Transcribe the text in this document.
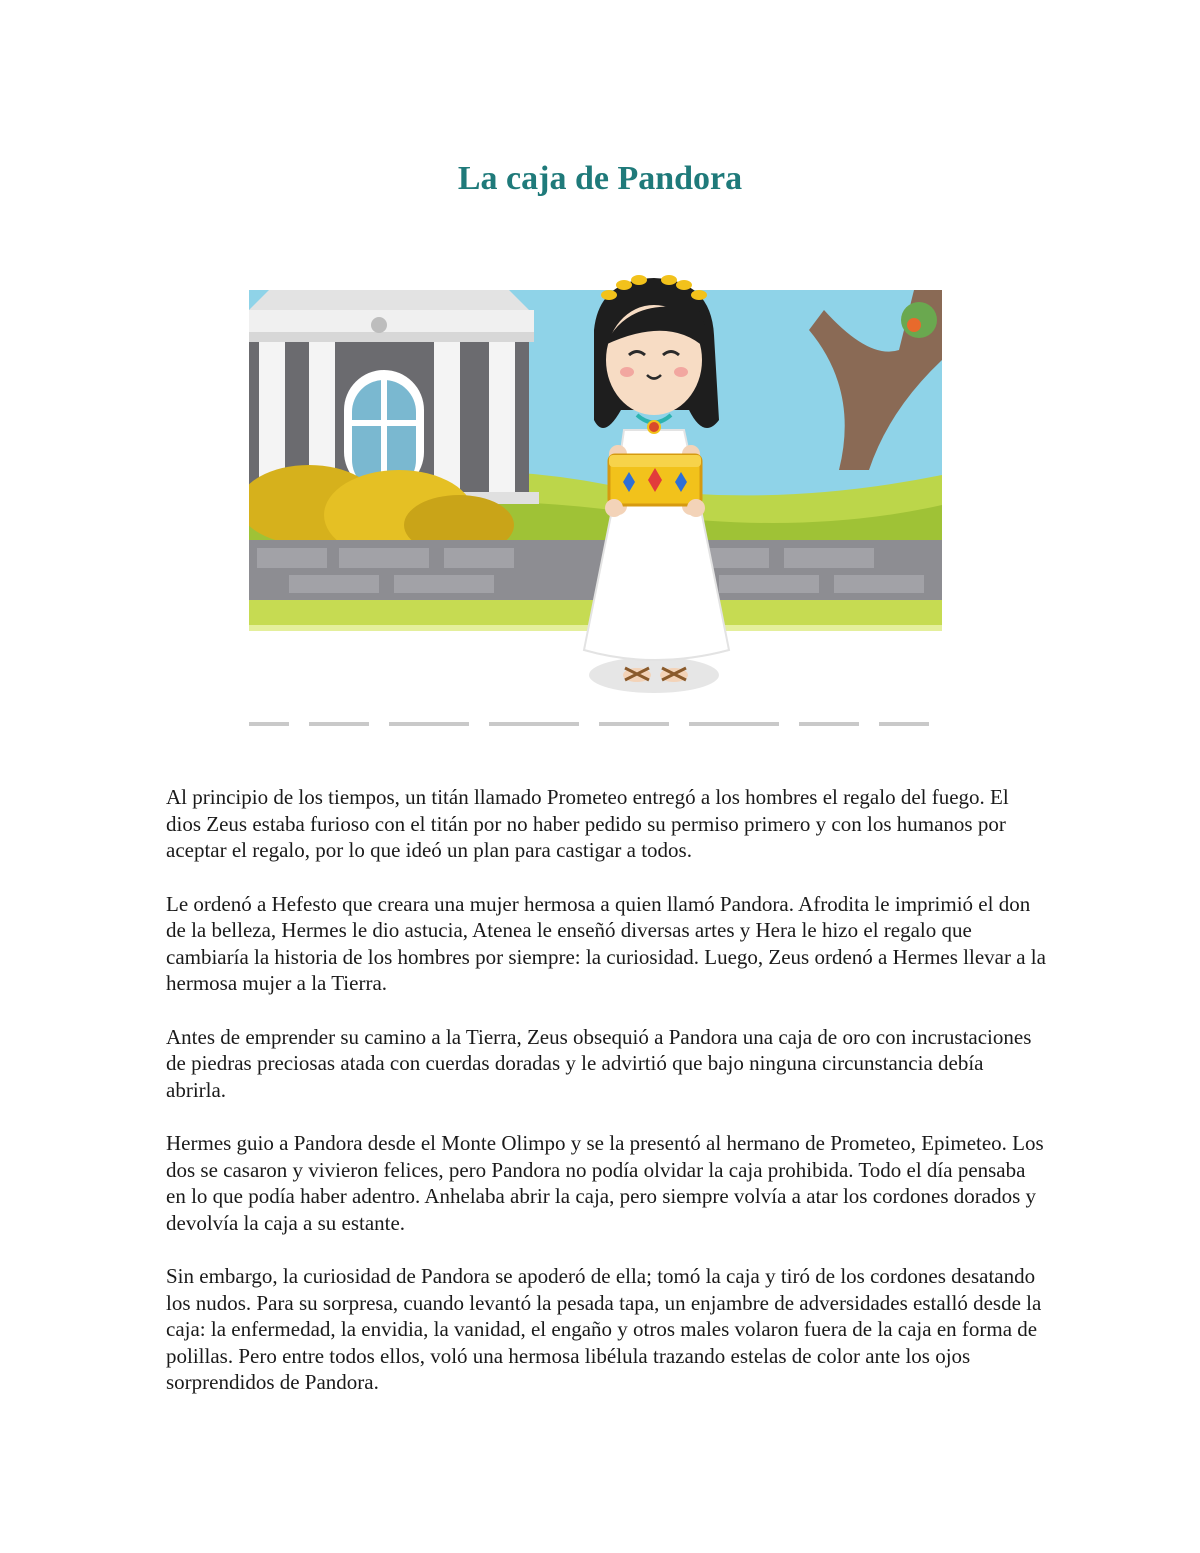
La caja de Pandora

Al principio de los tiempos, un titán llamado Prometeo entregó a los hombres el regalo del fuego. El dios Zeus estaba furioso con el titán por no haber pedido su permiso primero y con los humanos por aceptar el regalo, por lo que ideó un plan para castigar a todos.

Le ordenó a Hefesto que creara una mujer hermosa a quien llamó Pandora. Afrodita le imprimió el don de la belleza, Hermes le dio astucia, Atenea le enseñó diversas artes y Hera le hizo el regalo que cambiaría la historia de los hombres por siempre: la curiosidad. Luego, Zeus ordenó a Hermes llevar a la hermosa mujer a la Tierra.

Antes de emprender su camino a la Tierra, Zeus obsequió a Pandora una caja de oro con incrustaciones de piedras preciosas atada con cuerdas doradas y le advirtió que bajo ninguna circunstancia debía abrirla.

Hermes guio a Pandora desde el Monte Olimpo y se la presentó al hermano de Prometeo, Epimeteo. Los dos se casaron y vivieron felices, pero Pandora no podía olvidar la caja prohibida. Todo el día pensaba en lo que podía haber adentro. Anhelaba abrir la caja, pero siempre volvía a atar los cordones dorados y devolvía la caja a su estante.

Sin embargo, la curiosidad de Pandora se apoderó de ella; tomó la caja y tiró de los cordones desatando los nudos. Para su sorpresa, cuando levantó la pesada tapa, un enjambre de adversidades estalló desde la caja: la enfermedad, la envidia, la vanidad, el engaño y otros males volaron fuera de la caja en forma de polillas. Pero entre todos ellos, voló una hermosa libélula trazando estelas de color ante los ojos sorprendidos de Pandora.
